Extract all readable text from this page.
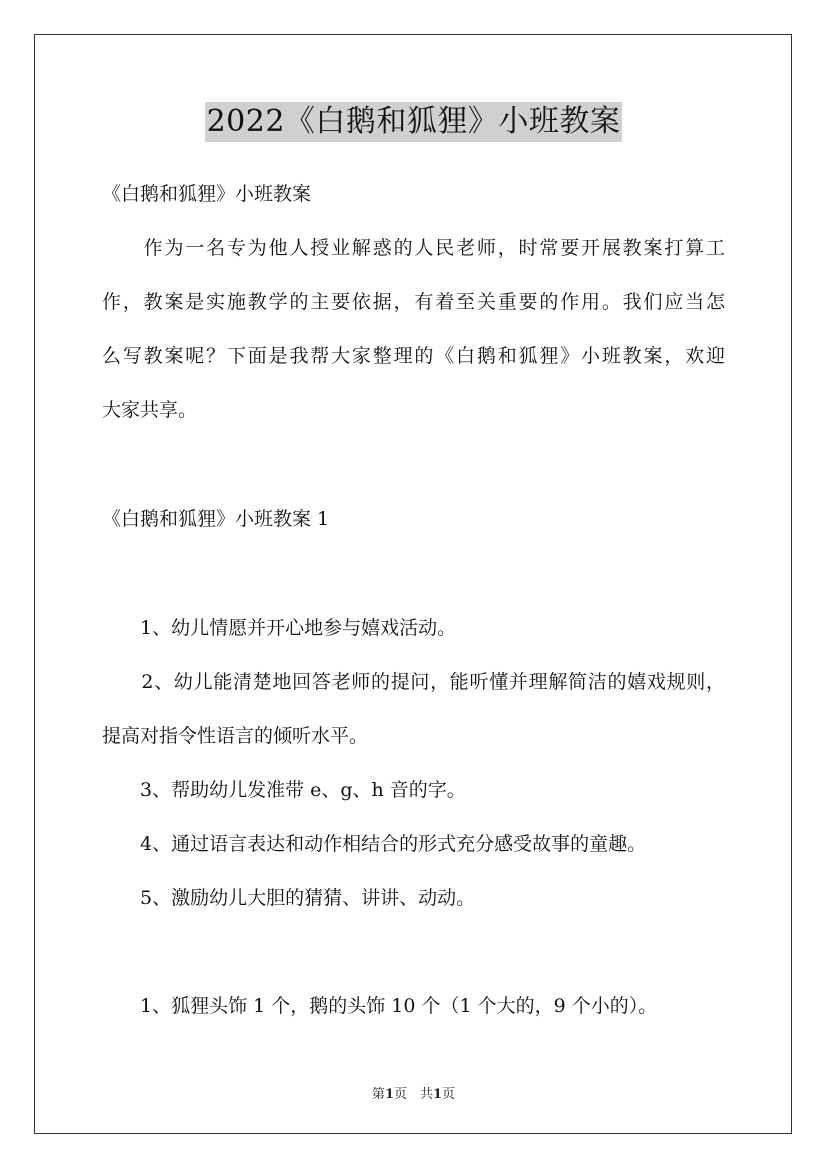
2022《白鹅和狐狸》小班教案
《白鹅和狐狸》小班教案
　　作为一名专为他人授业解惑的人民老师，时常要开展教案打算工
作，教案是实施教学的主要依据，有着至关重要的作用。我们应当怎
么写教案呢？下面是我帮大家整理的《白鹅和狐狸》小班教案，欢迎
大家共享。
《白鹅和狐狸》小班教案 1
　　1、幼儿情愿并开心地参与嬉戏活动。
　　2、幼儿能清楚地回答老师的提问，能听懂并理解简洁的嬉戏规则，
提高对指令性语言的倾听水平。
　　3、帮助幼儿发准带 e、g、h 音的字。
　　4、通过语言表达和动作相结合的形式充分感受故事的童趣。
　　5、激励幼儿大胆的猜猜、讲讲、动动。
　　1、狐狸头饰 1 个，鹅的头饰 10 个（1 个大的，9 个小的）。
第1页　共1页
